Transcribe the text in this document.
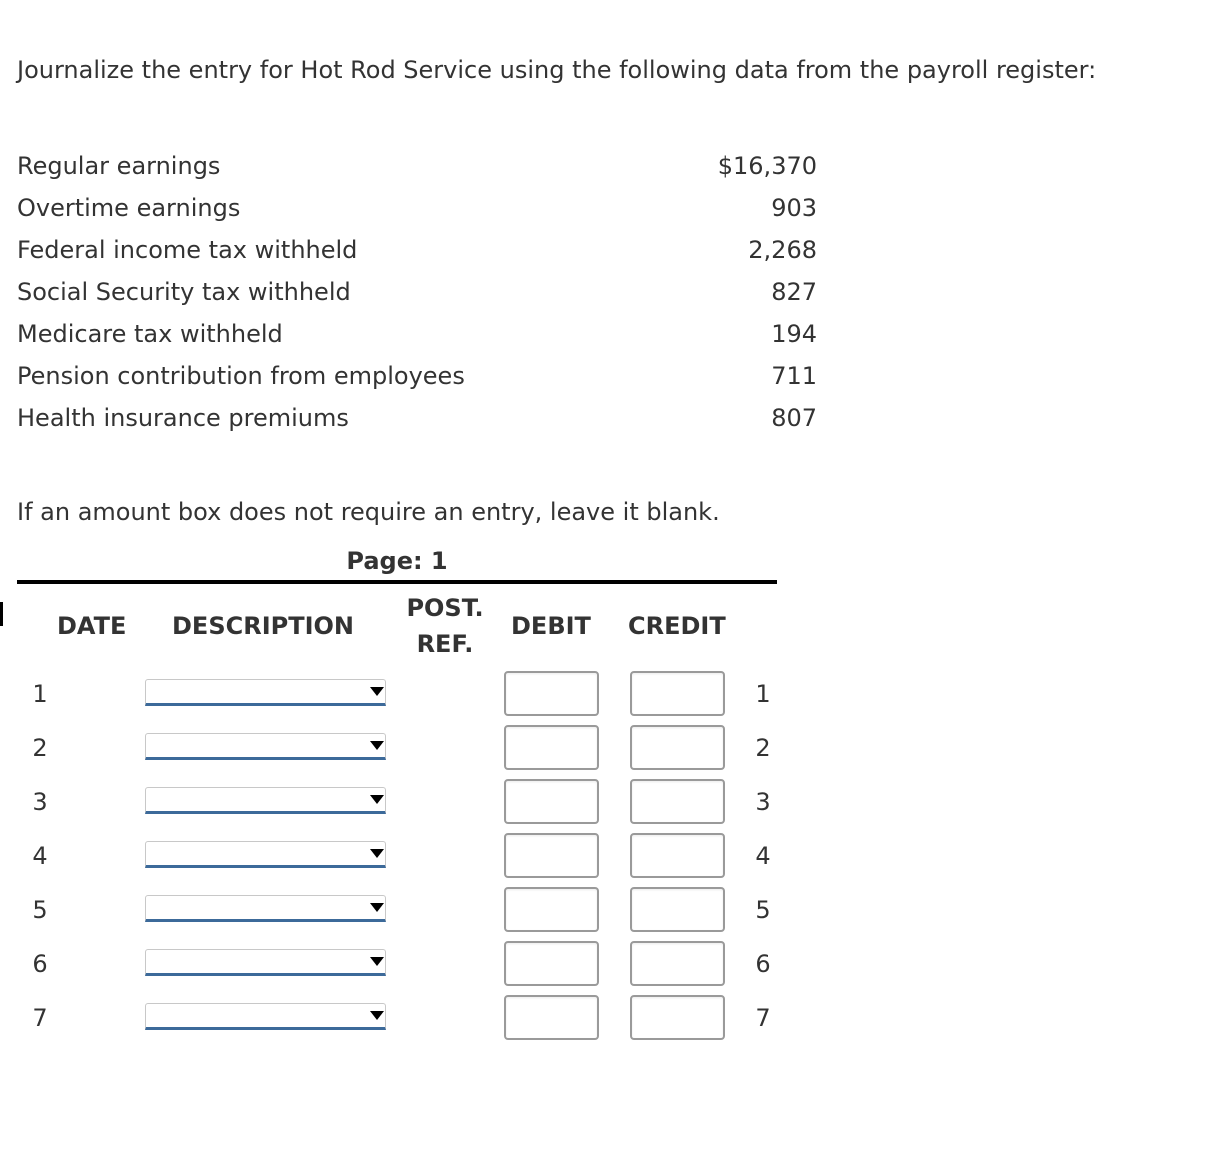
Journalize the entry for Hot Rod Service using the following data from the payroll register:
Regular earnings	$16,370
Overtime earnings	903
Federal income tax withheld	2,268
Social Security tax withheld	827
Medicare tax withheld	194
Pension contribution from employees	711
Health insurance premiums	807
If an amount box does not require an entry, leave it blank.
Page: 1
DATE DESCRIPTION
POST.
REF.
DEBIT CREDIT
1	1
2	2
3	3
4	4
5	5
6	6
7	7
